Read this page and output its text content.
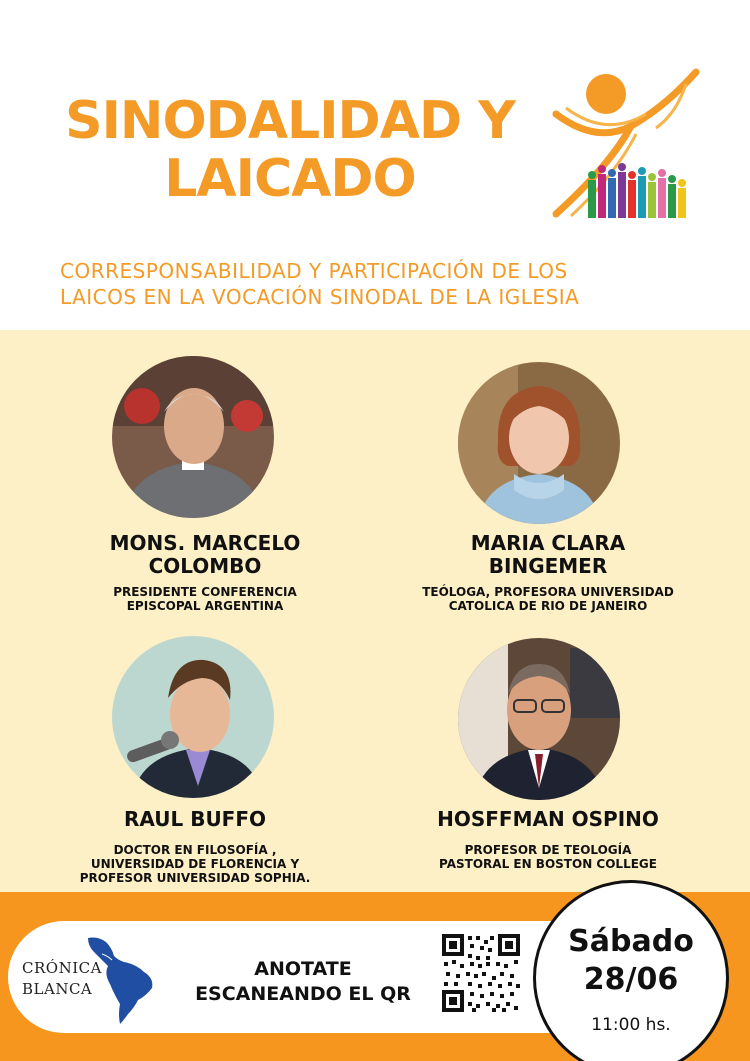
SINODALIDAD Y
LAICADO
CORRESPONSABILIDAD Y PARTICIPACIÓN DE LOS
LAICOS EN LA VOCACIÓN SINODAL DE LA IGLESIA
MONS. MARCELO
COLOMBO
PRESIDENTE CONFERENCIA
EPISCOPAL ARGENTINA
MARIA CLARA
BINGEMER
TEÓLOGA, PROFESORA UNIVERSIDAD
CATOLICA DE RIO DE JANEIRO
RAUL BUFFO
DOCTOR EN FILOSOFÍA ,
UNIVERSIDAD DE FLORENCIA Y
PROFESOR UNIVERSIDAD SOPHIA.
HOSFFMAN OSPINO
PROFESOR DE TEOLOGÍA
PASTORAL EN BOSTON COLLEGE
CRÓNICA
BLANCA
ANOTATE
ESCANEANDO EL QR
Sábado
28/06
11:00 hs.
